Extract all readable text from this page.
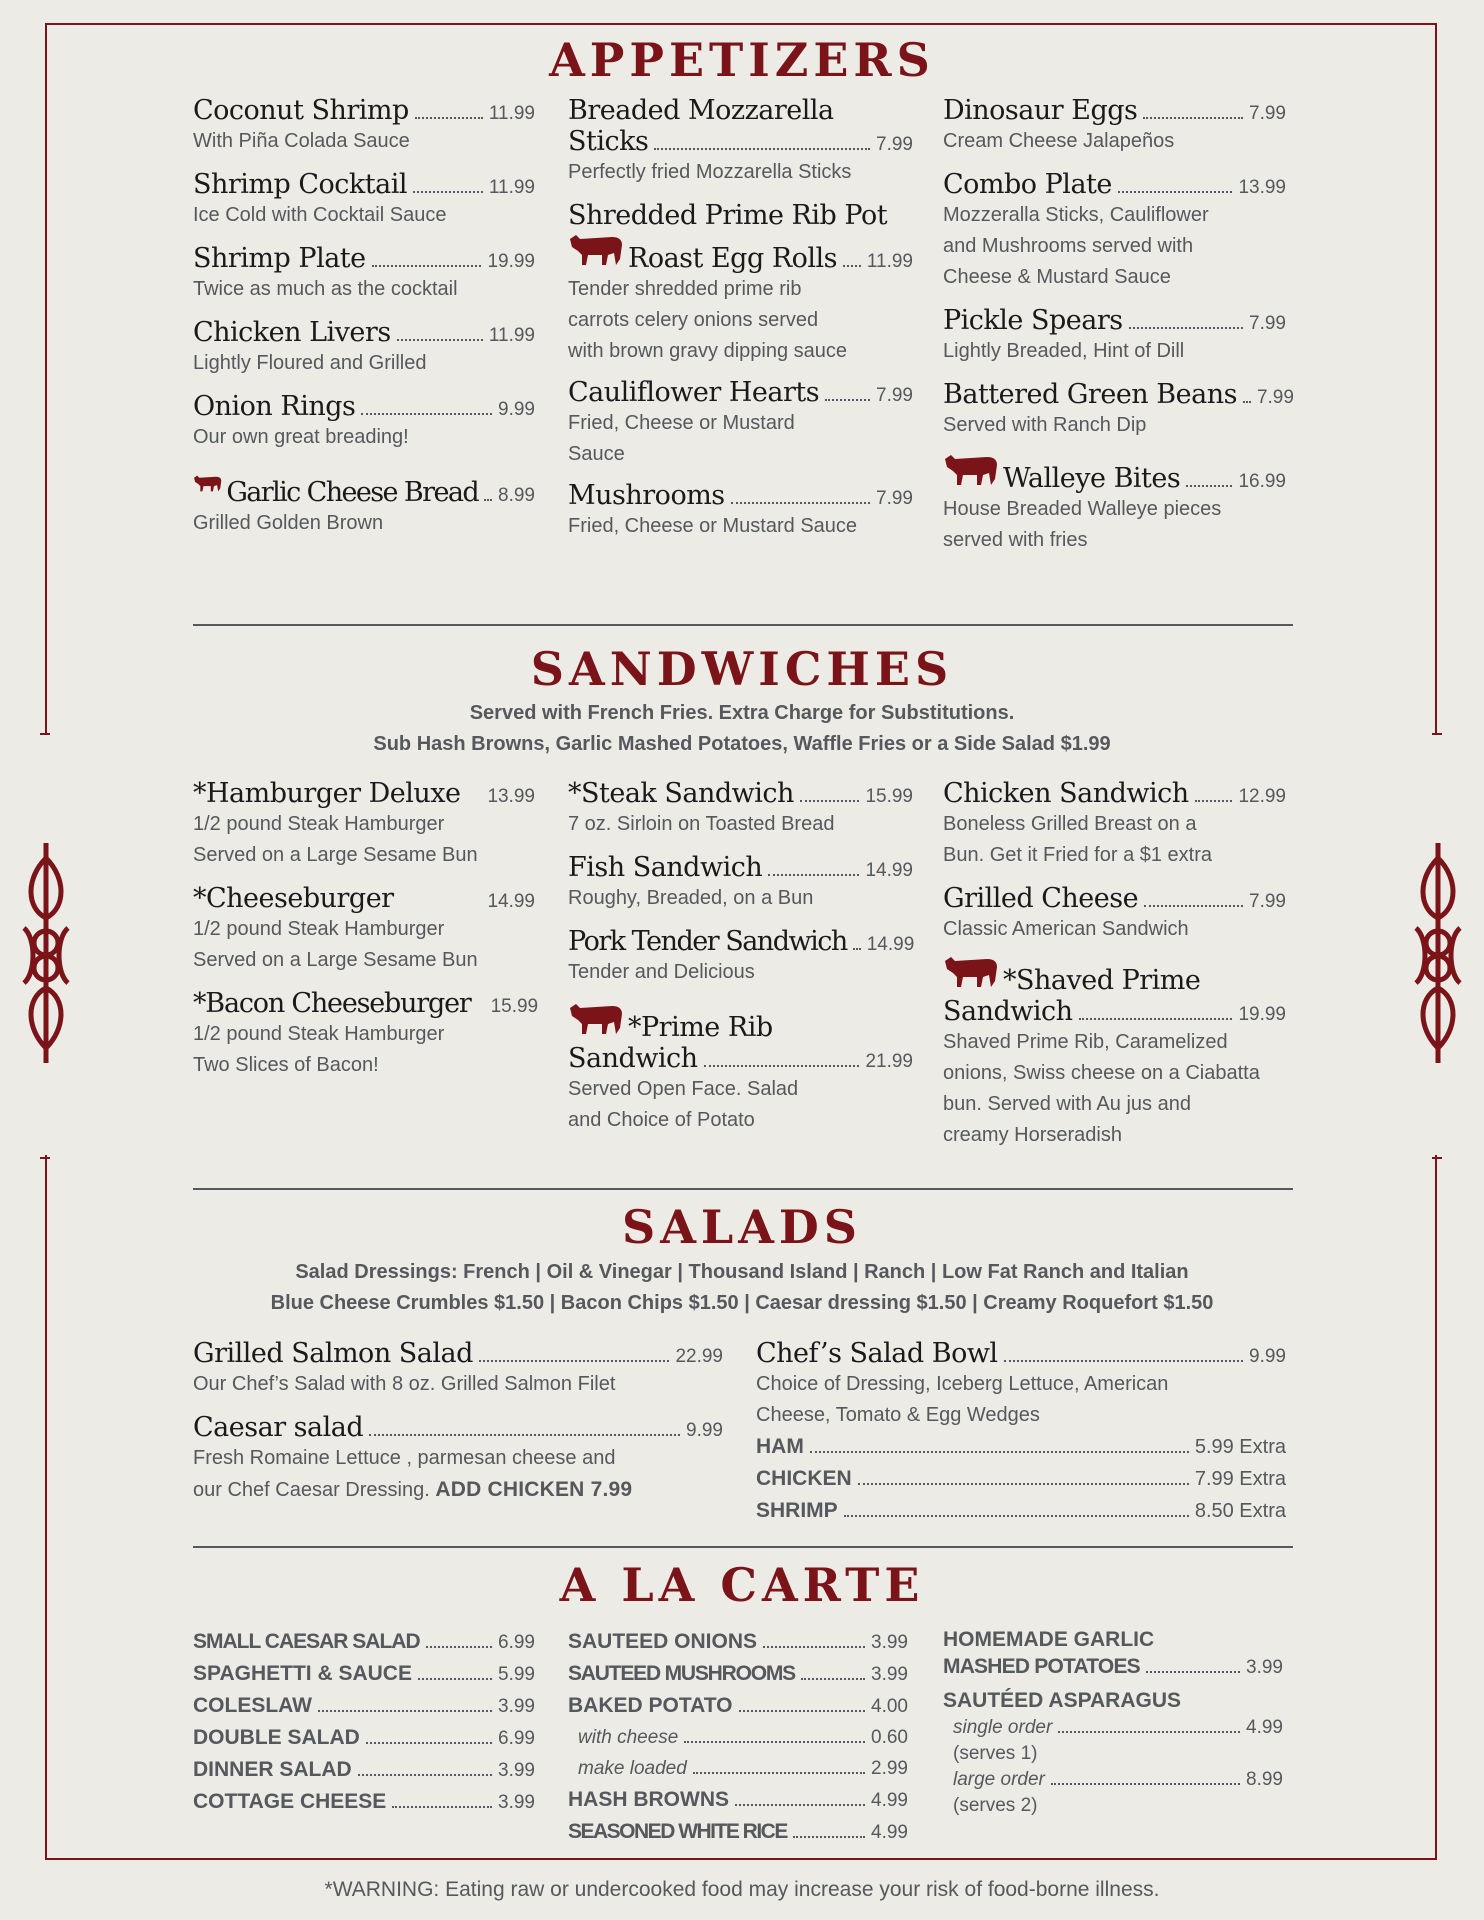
APPETIZERS
Coconut Shrimp	11.99
With Piña Colada Sauce
Shrimp Cocktail	11.99
Ice Cold with Cocktail Sauce
Shrimp Plate	19.99
Twice as much as the cocktail
Chicken Livers	11.99
Lightly Floured and Grilled
Onion Rings	9.99
Our own great breading!
Garlic Cheese Bread 8.99
Grilled Golden Brown
Breaded Mozzarella
Sticks	7.99
Perfectly fried Mozzarella Sticks
Shredded Prime Rib Pot
Roast Egg Rolls 11.99
Tender shredded prime rib
carrots celery onions served
with brown gravy dipping sauce
Cauliflower Hearts	7.99
Fried, Cheese or Mustard
Sauce
Mushrooms	7.99
Fried, Cheese or Mustard Sauce
Dinosaur Eggs	7.99
Cream Cheese Jalapeños
Combo Plate	13.99
Mozzeralla Sticks, Cauliflower
and Mushrooms served with
Cheese & Mustard Sauce
Pickle Spears	7.99
Lightly Breaded, Hint of Dill
Battered Green Beans 7.99
Served with Ranch Dip
Walleye Bites	16.99
House Breaded Walleye pieces
served with fries
SANDWICHES
Served with French Fries. Extra Charge for Substitutions.
Sub Hash Browns, Garlic Mashed Potatoes, Waffle Fries or a Side Salad $1.99
*Hamburger Deluxe 13.99
1/2 pound Steak Hamburger
Served on a Large Sesame Bun
*Cheeseburger	14.99
1/2 pound Steak Hamburger
Served on a Large Sesame Bun
*Bacon Cheeseburger 15.99
1/2 pound Steak Hamburger
Two Slices of Bacon!
*Steak Sandwich	15.99
7 oz. Sirloin on Toasted Bread
Fish Sandwich	14.99
Roughy, Breaded, on a Bun
Pork Tender Sandwich 14.99
Tender and Delicious
*Prime Rib
Sandwich	21.99
Served Open Face. Salad
and Choice of Potato
Chicken Sandwich	12.99
Boneless Grilled Breast on a
Bun. Get it Fried for a $1 extra
Grilled Cheese	7.99
Classic American Sandwich
*Shaved Prime
Sandwich	19.99
Shaved Prime Rib, Caramelized
onions, Swiss cheese on a Ciabatta
bun. Served with Au jus and
creamy Horseradish
SALADS
Salad Dressings: French | Oil & Vinegar | Thousand Island | Ranch | Low Fat Ranch and Italian
Blue Cheese Crumbles $1.50 | Bacon Chips $1.50 | Caesar dressing $1.50 | Creamy Roquefort $1.50
Grilled Salmon Salad	22.99
Our Chef’s Salad with 8 oz. Grilled Salmon Filet
Caesar salad	9.99
Fresh Romaine Lettuce , parmesan cheese and
our Chef Caesar Dressing. ADD CHICKEN 7.99
Chef’s Salad Bowl	9.99
Choice of Dressing, Iceberg Lettuce, American
Cheese, Tomato & Egg Wedges
HAM	5.99 Extra
CHICKEN	7.99 Extra
SHRIMP	8.50 Extra
A LA CARTE
SMALL CAESAR SALAD	6.99
SPAGHETTI & SAUCE	5.99
COLESLAW	3.99
DOUBLE SALAD	6.99
DINNER SALAD	3.99
COTTAGE CHEESE	3.99
SAUTEED ONIONS	3.99
SAUTEED MUSHROOMS	3.99
BAKED POTATO	4.00
with cheese	0.60
make loaded	2.99
HASH BROWNS	4.99
SEASONED WHITE RICE	4.99
HOMEMADE GARLIC
MASHED POTATOES	3.99
SAUTÉED ASPARAGUS
single order	4.99
(serves 1)
large order	8.99
(serves 2)
*WARNING: Eating raw or undercooked food may increase your risk of food-borne illness.
